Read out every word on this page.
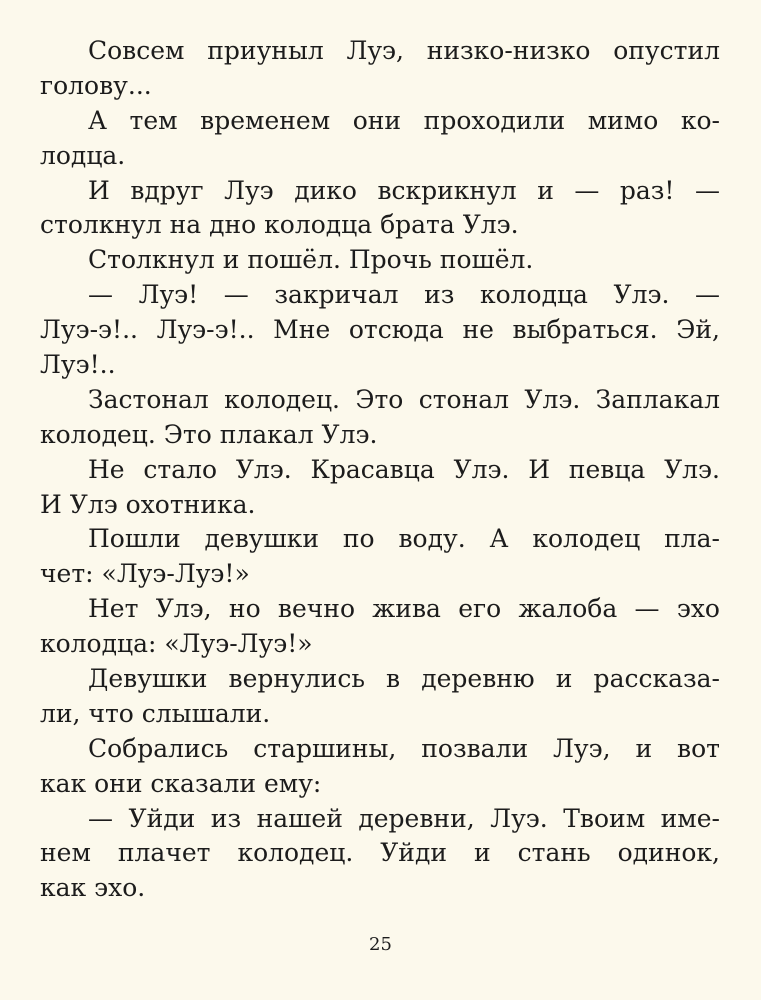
Совсем приуныл Луэ, низко-низко опустил
голову...
А тем временем они проходили мимо ко-
лодца.
И вдруг Луэ дико вскрикнул и — раз! —
столкнул на дно колодца брата Улэ.
Столкнул и пошёл. Прочь пошёл.
— Луэ! — закричал из колодца Улэ. —
Луэ-э!.. Луэ-э!.. Мне отсюда не выбраться. Эй,
Луэ!..
Застонал колодец. Это стонал Улэ. Заплакал
колодец. Это плакал Улэ.
Не стало Улэ. Красавца Улэ. И певца Улэ.
И Улэ охотника.
Пошли девушки по воду. А колодец пла-
чет: «Луэ-Луэ!»
Нет Улэ, но вечно жива его жалоба — эхо
колодца: «Луэ-Луэ!»
Девушки вернулись в деревню и рассказа-
ли, что слышали.
Собрались старшины, позвали Луэ, и вот
как они сказали ему:
— Уйди из нашей деревни, Луэ. Твоим име-
нем плачет колодец. Уйди и стань одинок,
как эхо.
25
